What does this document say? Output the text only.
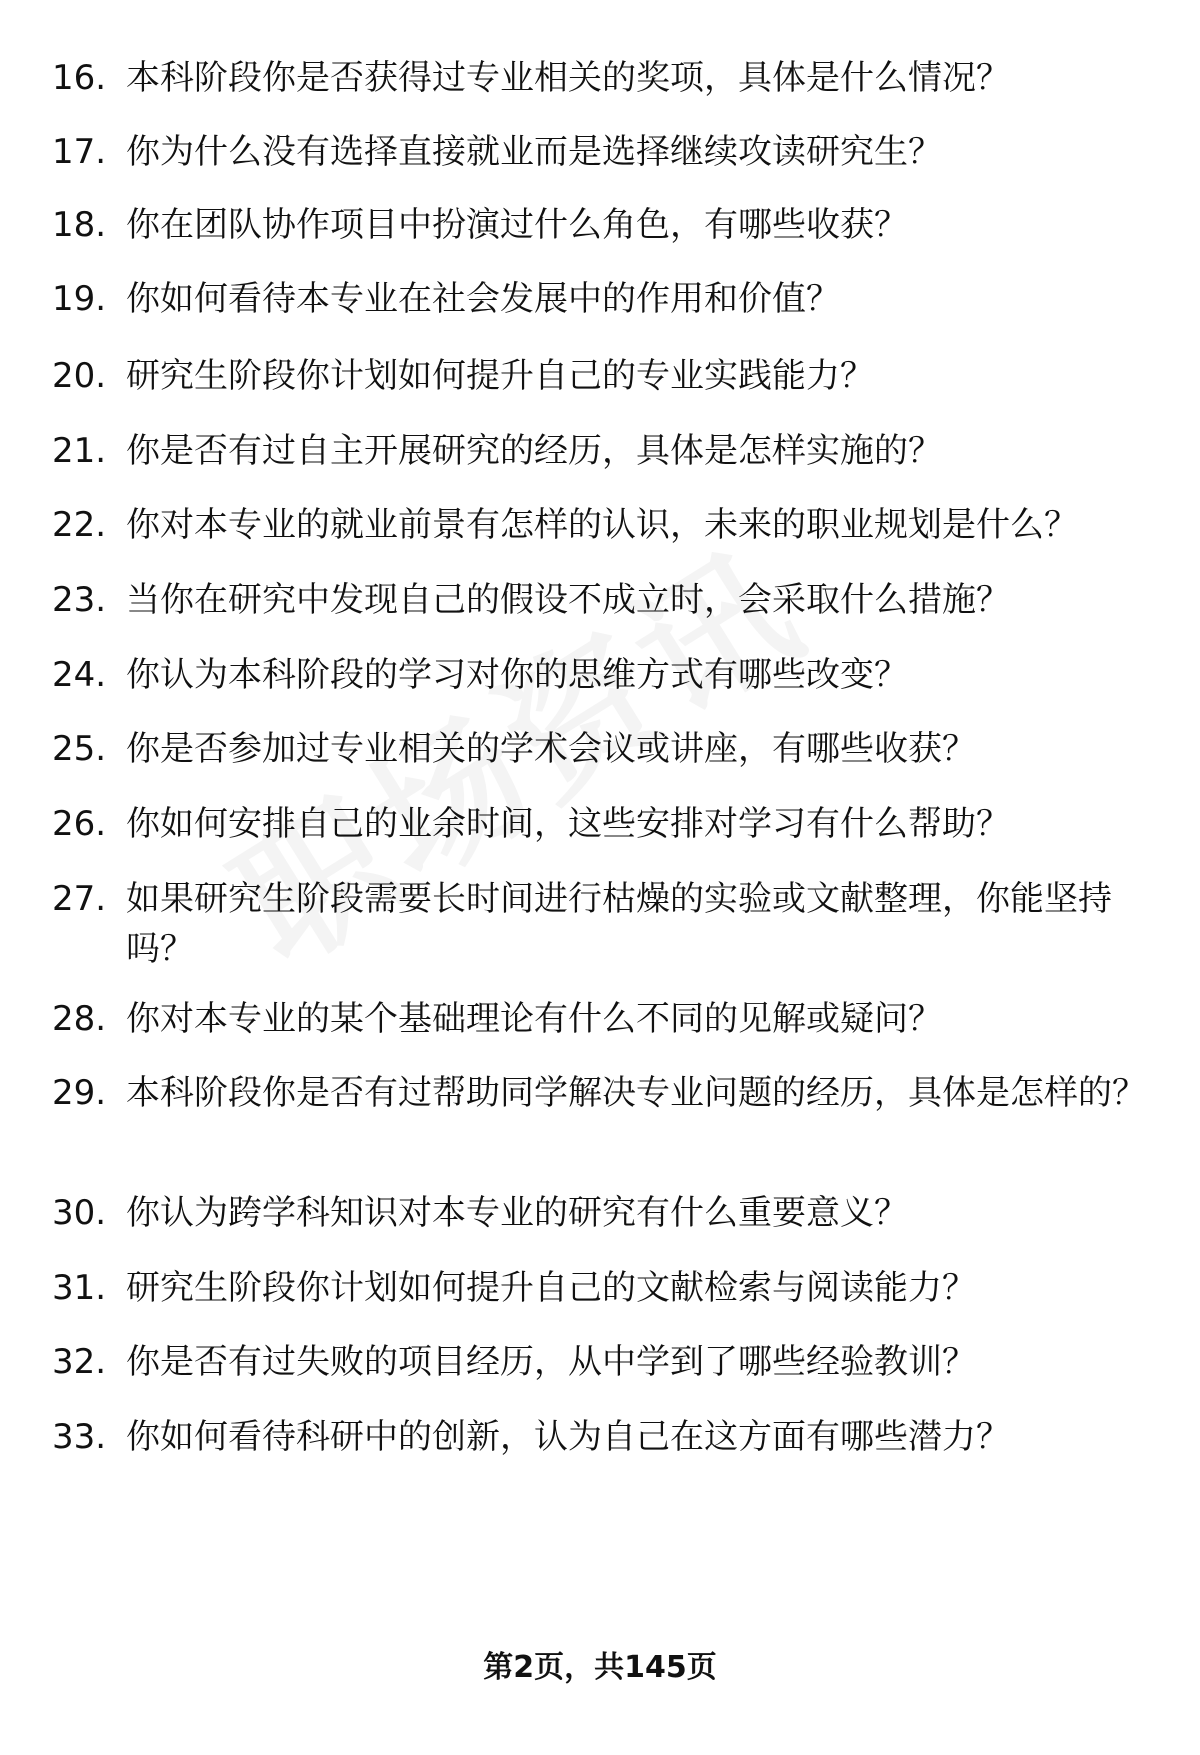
16. 本科阶段你是否获得过专业相关的奖项，具体是什么情况？
17. 你为什么没有选择直接就业而是选择继续攻读研究生？
18. 你在团队协作项目中扮演过什么角色，有哪些收获？
19. 你如何看待本专业在社会发展中的作用和价值？
20. 研究生阶段你计划如何提升自己的专业实践能力？
21. 你是否有过自主开展研究的经历，具体是怎样实施的？
22. 你对本专业的就业前景有怎样的认识，未来的职业规划是什么？
23. 当你在研究中发现自己的假设不成立时，会采取什么措施？
24. 你认为本科阶段的学习对你的思维方式有哪些改变？
25. 你是否参加过专业相关的学术会议或讲座，有哪些收获？
26. 你如何安排自己的业余时间，这些安排对学习有什么帮助？
27. 如果研究生阶段需要长时间进行枯燥的实验或文献整理，你能坚持吗？
28. 你对本专业的某个基础理论有什么不同的见解或疑问？
29. 本科阶段你是否有过帮助同学解决专业问题的经历，具体是怎样的？
30. 你认为跨学科知识对本专业的研究有什么重要意义？
31. 研究生阶段你计划如何提升自己的文献检索与阅读能力？
32. 你是否有过失败的项目经历，从中学到了哪些经验教训？
33. 你如何看待科研中的创新，认为自己在这方面有哪些潜力？
第2页，共145页
